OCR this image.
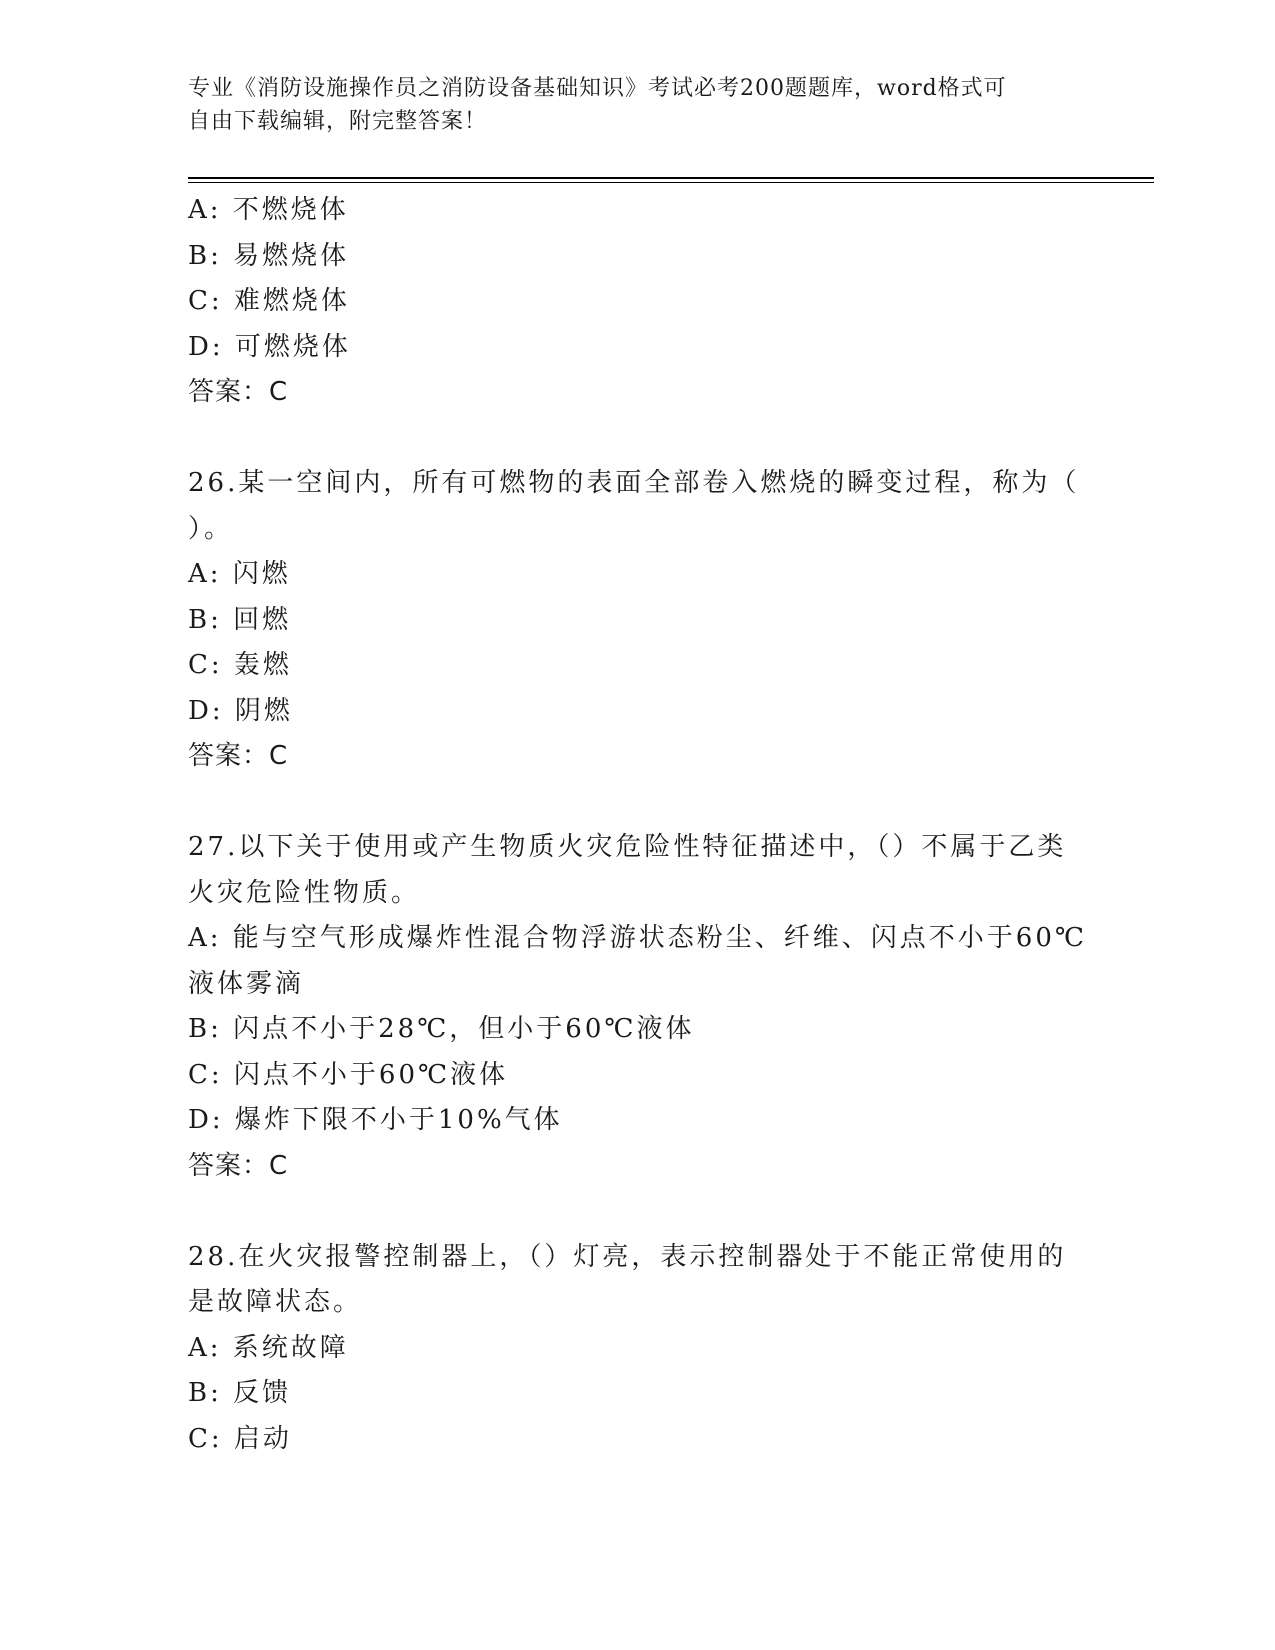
专业《消防设施操作员之消防设备基础知识》考试必考200题题库，word格式可
自由下载编辑，附完整答案！
A: 不燃烧体
B: 易燃烧体
C: 难燃烧体
D: 可燃烧体
答案：C
26.某一空间内，所有可燃物的表面全部卷入燃烧的瞬变过程，称为（
）。
A: 闪燃
B: 回燃
C: 轰燃
D: 阴燃
答案：C
27.以下关于使用或产生物质火灾危险性特征描述中，（）不属于乙类
火灾危险性物质。
A: 能与空气形成爆炸性混合物浮游状态粉尘、纤维、闪点不小于60℃
液体雾滴
B: 闪点不小于28℃，但小于60℃液体
C: 闪点不小于60℃液体
D: 爆炸下限不小于10%气体
答案：C
28.在火灾报警控制器上，（）灯亮，表示控制器处于不能正常使用的
是故障状态。
A: 系统故障
B: 反馈
C: 启动
